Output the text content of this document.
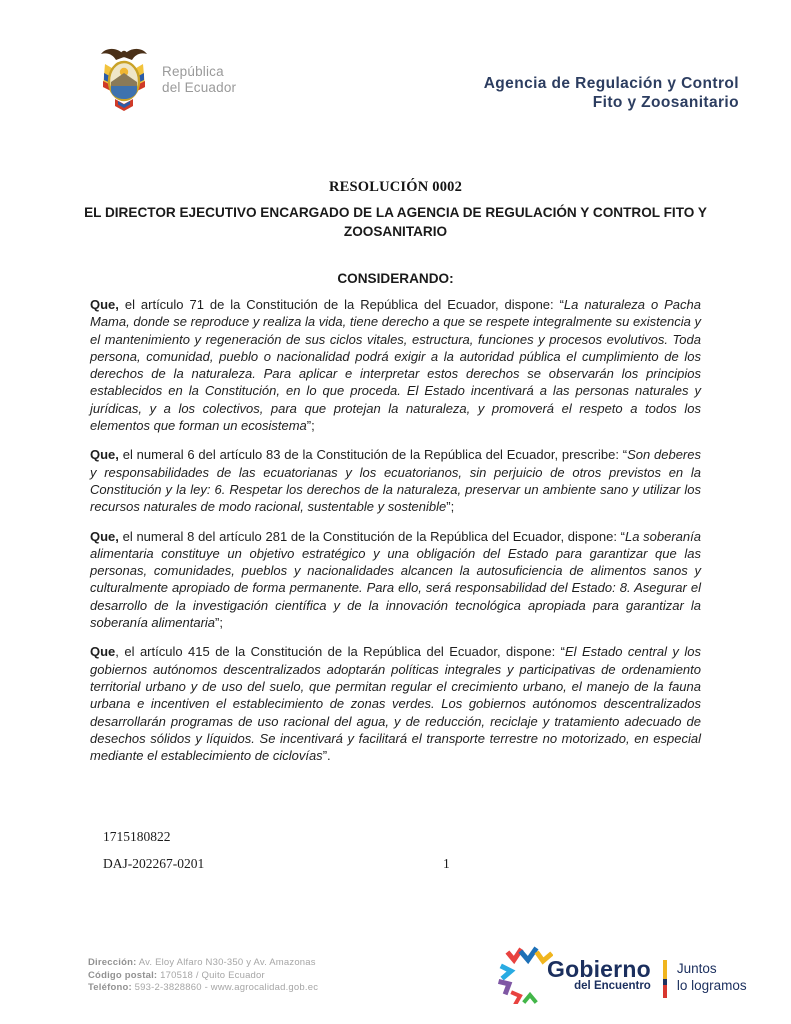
República
del Ecuador	Agencia de Regulación y Control
Fito y Zoosanitario
RESOLUCIÓN 0002
EL DIRECTOR EJECUTIVO ENCARGADO DE LA AGENCIA DE REGULACIÓN Y CONTROL FITO Y ZOOSANITARIO
CONSIDERANDO:

Que, el artículo 71 de la Constitución de la República del Ecuador, dispone: “La naturaleza o Pacha Mama, donde se reproduce y realiza la vida, tiene derecho a que se respete integralmente su existencia y el mantenimiento y regeneración de sus ciclos vitales, estructura, funciones y procesos evolutivos. Toda persona, comunidad, pueblo o nacionalidad podrá exigir a la autoridad pública el cumplimiento de los derechos de la naturaleza. Para aplicar e interpretar estos derechos se observarán los principios establecidos en la Constitución, en lo que proceda. El Estado incentivará a las personas naturales y jurídicas, y a los colectivos, para que protejan la naturaleza, y promoverá el respeto a todos los elementos que forman un ecosistema”;

Que, el numeral 6 del artículo 83 de la Constitución de la República del Ecuador, prescribe: “Son deberes y responsabilidades de las ecuatorianas y los ecuatorianos, sin perjuicio de otros previstos en la Constitución y la ley: 6. Respetar los derechos de la naturaleza, preservar un ambiente sano y utilizar los recursos naturales de modo racional, sustentable y sostenible”;

Que, el numeral 8 del artículo 281 de la Constitución de la República del Ecuador, dispone: “La soberanía alimentaria constituye un objetivo estratégico y una obligación del Estado para garantizar que las personas, comunidades, pueblos y nacionalidades alcancen la autosuficiencia de alimentos sanos y culturalmente apropiado de forma permanente. Para ello, será responsabilidad del Estado: 8. Asegurar el desarrollo de la investigación científica y de la innovación tecnológica apropiada para garantizar la soberanía alimentaria”;

Que, el artículo 415 de la Constitución de la República del Ecuador, dispone: “El Estado central y los gobiernos autónomos descentralizados adoptarán políticas integrales y participativas de ordenamiento territorial urbano y de uso del suelo, que permitan regular el crecimiento urbano, el manejo de la fauna urbana e incentiven el establecimiento de zonas verdes. Los gobiernos autónomos descentralizados desarrollarán programas de uso racional del agua, y de reducción, reciclaje y tratamiento adecuado de desechos sólidos y líquidos. Se incentivará y facilitará el transporte terrestre no motorizado, en especial mediante el establecimiento de ciclovías”.

1715180822
DAJ-202267-0201	1
Dirección: Av. Eloy Alfaro N30-350 y Av. Amazonas
Código postal: 170518 / Quito Ecuador
Teléfono: 593-2-3828860 - www.agrocalidad.gob.ec
Gobierno
del Encuentro
Juntos
lo logramos
